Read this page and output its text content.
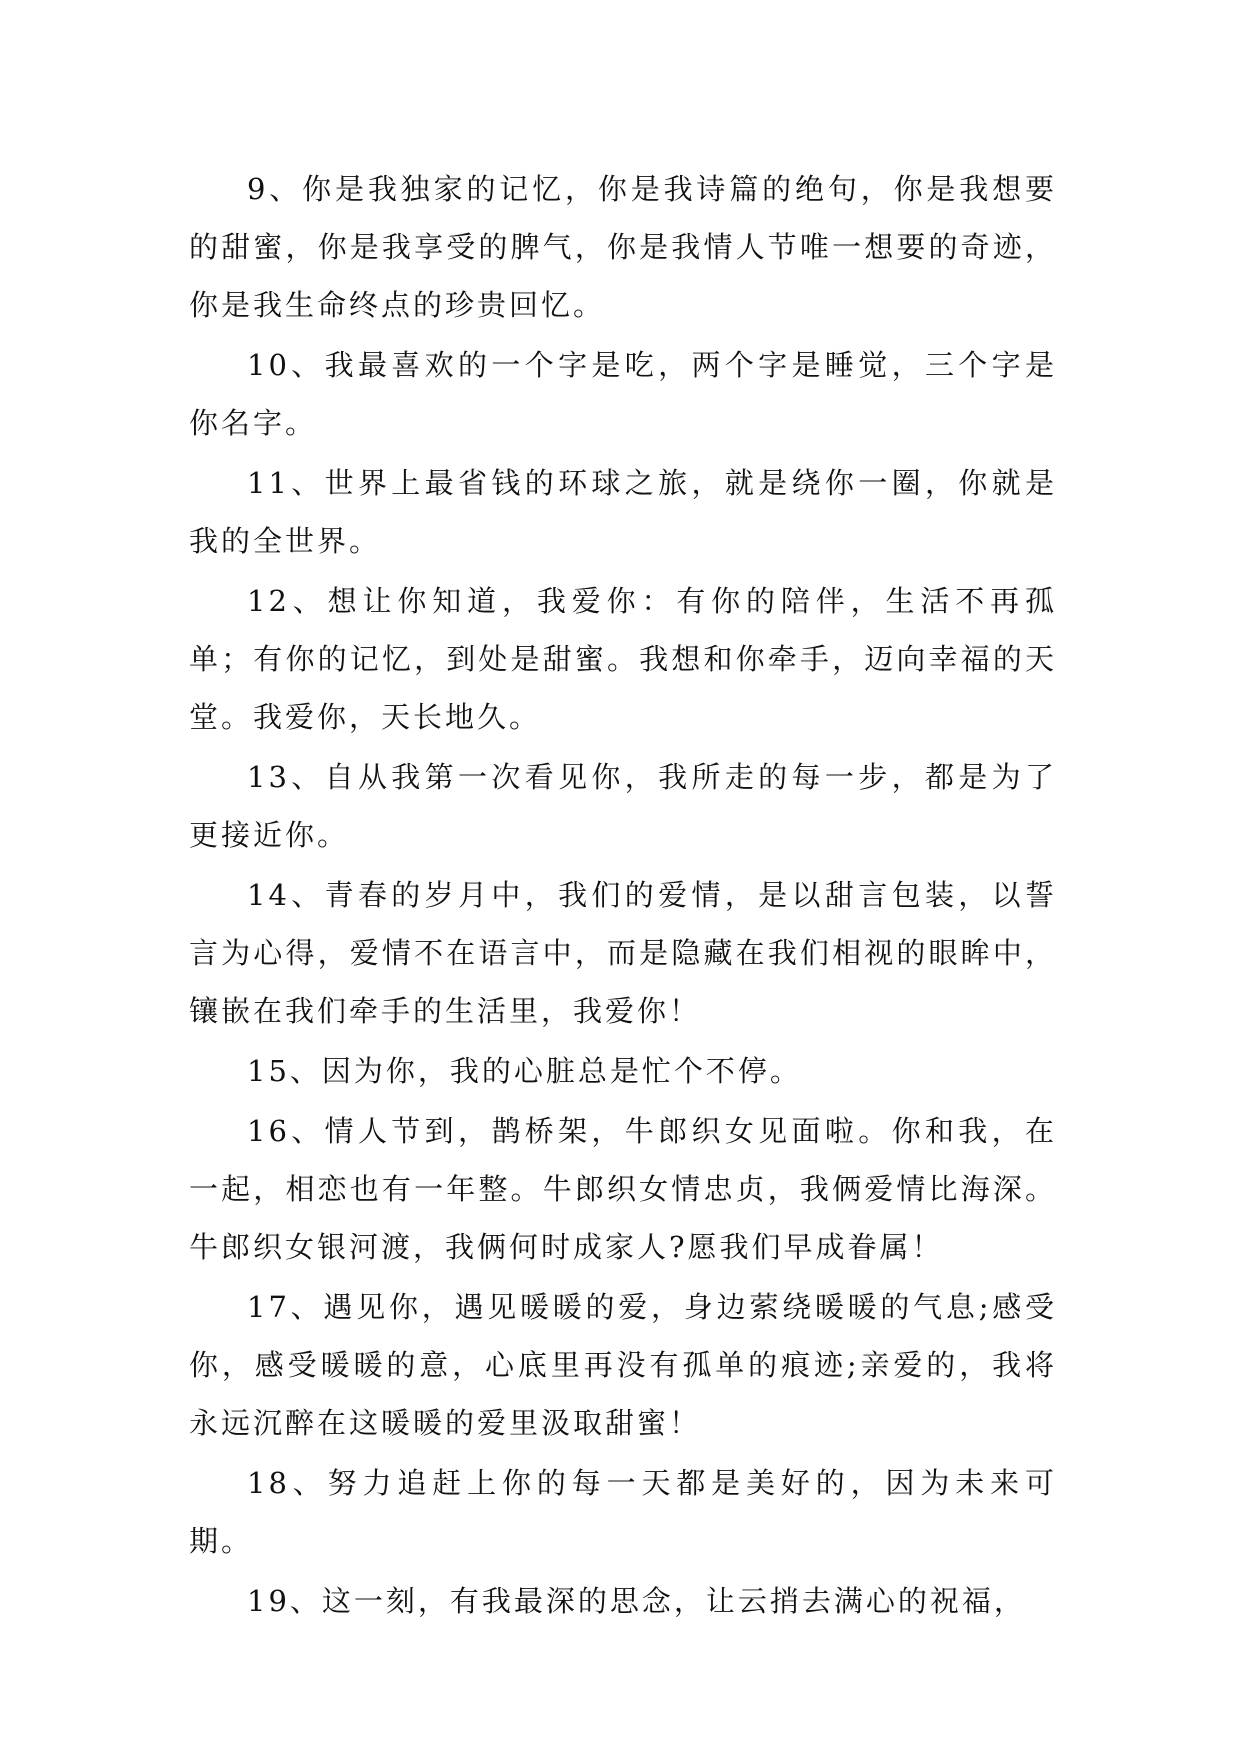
9、你是我独家的记忆，你是我诗篇的绝句，你是我想要的甜蜜，你是我享受的脾气，你是我情人节唯一想要的奇迹，你是我生命终点的珍贵回忆。

10、我最喜欢的一个字是吃，两个字是睡觉，三个字是你名字。

11、世界上最省钱的环球之旅，就是绕你一圈，你就是我的全世界。

12、想让你知道，我爱你：有你的陪伴，生活不再孤单；有你的记忆，到处是甜蜜。我想和你牵手，迈向幸福的天堂。我爱你，天长地久。

13、自从我第一次看见你，我所走的每一步，都是为了更接近你。

14、青春的岁月中，我们的爱情，是以甜言包装，以誓言为心得，爱情不在语言中，而是隐藏在我们相视的眼眸中，镶嵌在我们牵手的生活里，我爱你！

15、因为你，我的心脏总是忙个不停。

16、情人节到，鹊桥架，牛郎织女见面啦。你和我，在一起，相恋也有一年整。牛郎织女情忠贞，我俩爱情比海深。牛郎织女银河渡，我俩何时成家人?愿我们早成眷属！

17、遇见你，遇见暖暖的爱，身边萦绕暖暖的气息;感受你，感受暖暖的意，心底里再没有孤单的痕迹;亲爱的，我将永远沉醉在这暖暖的爱里汲取甜蜜！

18、努力追赶上你的每一天都是美好的，因为未来可期。

19、这一刻，有我最深的思念，让云捎去满心的祝福，
